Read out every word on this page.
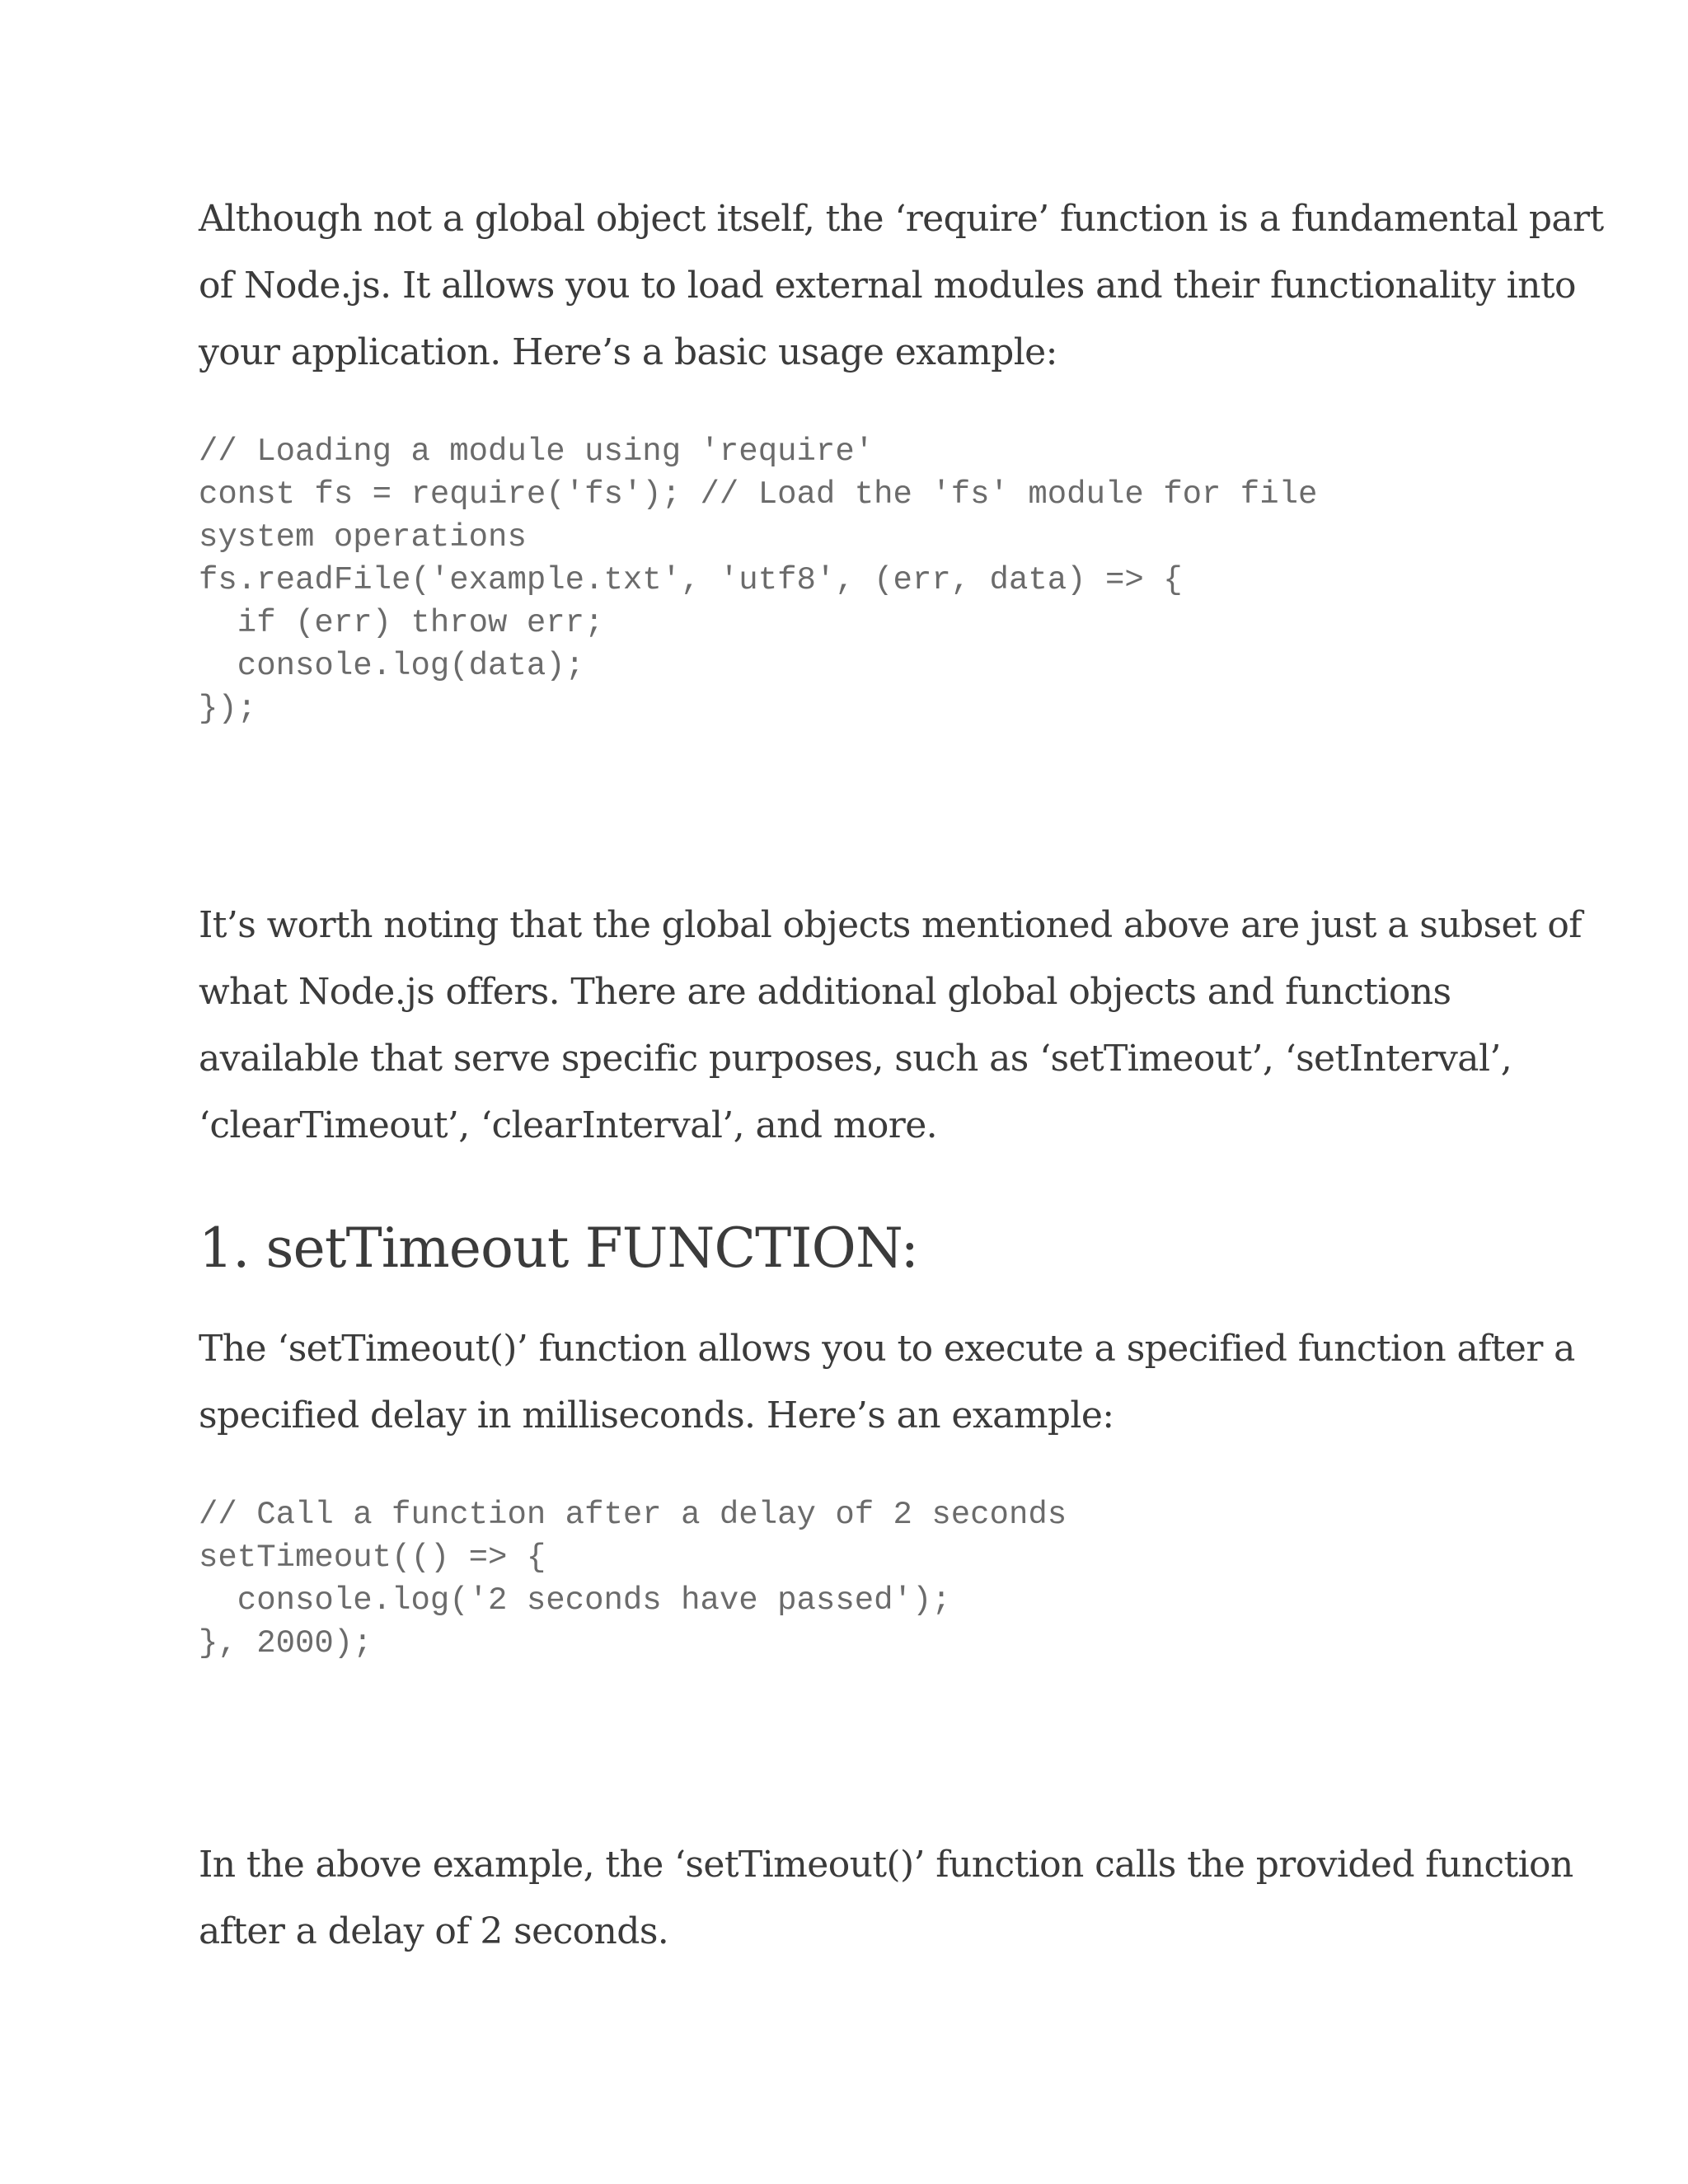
Although not a global object itself, the ‘require’ function is a fundamental part
of Node.js. It allows you to load external modules and their functionality into
your application. Here’s a basic usage example:

// Loading a module using 'require'
const fs = require('fs'); // Load the 'fs' module for file
system operations
fs.readFile('example.txt', 'utf8', (err, data) => {
if (err) throw err;
console.log(data);
});

It’s worth noting that the global objects mentioned above are just a subset of
what Node.js offers. There are additional global objects and functions
available that serve specific purposes, such as ‘setTimeout’, ‘setInterval’,
‘clearTimeout’, ‘clearInterval’, and more.

1. setTimeout FUNCTION:

The ‘setTimeout()’ function allows you to execute a specified function after a
specified delay in milliseconds. Here’s an example:

// Call a function after a delay of 2 seconds
setTimeout(() => {
console.log('2 seconds have passed');
}, 2000);

In the above example, the ‘setTimeout()’ function calls the provided function
after a delay of 2 seconds.
